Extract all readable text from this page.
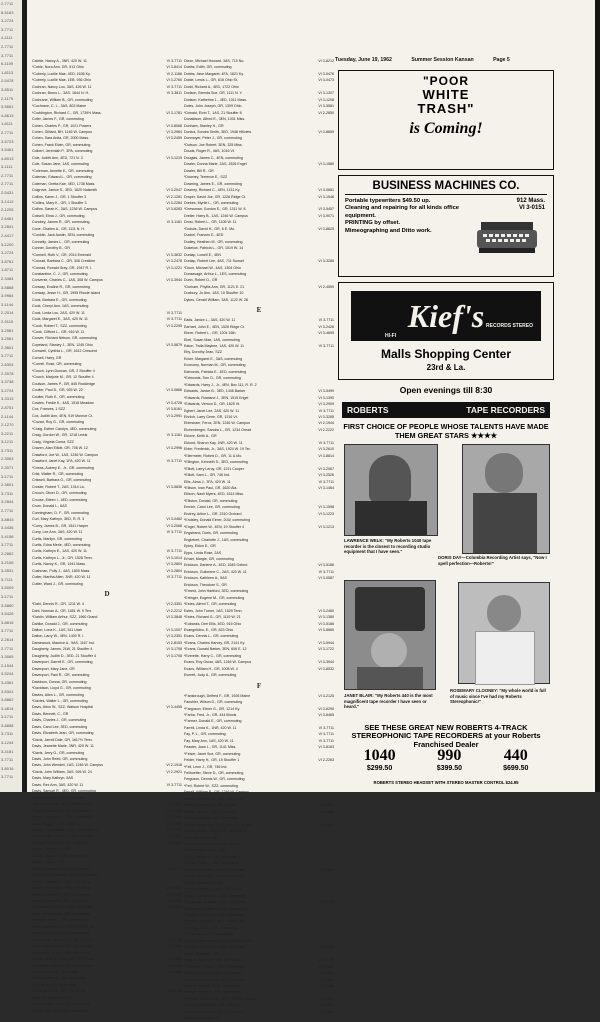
2-7711
8-5163
3-2724
3-7711
4-1111
2-7711
3-7711
6-1109
1-8113
2-5478
3-8511
2-1179
3-5651
4-8613
1-8111
2-7711
3-5723
3-5461
4-8013
3-1111
2-7711
2-7711
2-5431
3-1412
2-1205
2-6461
3-2841
2-4417
3-1200
3-2724
3-8761
1-8711
2-3484
3-5868
3-9984
3-1144
2-2014
2-9115
3-2981
3-2961
2-3601
3-7711
2-6304
2-3978
3-3738
3-2724
3-3313
2-8751
2-1144
2-1270
3-2211
3-1211
3-7311
2-3063
2-3071
3-1711
2-3601
3-7311
3-2844
2-7711
3-8843
3-4436
3-4158
3-7711
2-2862
3-2106
3-4531
3-7111
3-5009
3-1711
3-5880
3-5426
3-8816
3-7711
2-2614
2-7711
3-3065
2-1544
3-5244
3-4361
3-5341
3-8862
3-4814
3-1711
3-8858
3-7311
3-1244
3-4181
3-7711
3-8016
3-7711
Tuesday, June 19, 1962	Summer Session Kansan	Page 5
Cabble, Nancy A., 3NR, 420 W. 11	VI 3-7711
*Coble, Nora Ann, GR, 913 Ohio	VI 3-8414
*Coberly, Lucille Mae, 4ED; 1636 Ky.	VI 2-1166
*Coberly, Lucille Mae, 1EB. 936 Ohio	VI 3-2760
Cochran, Nancy Lou, 3AS, 426 W. 11	VI 3-7711
Cochran, Bruno L., 3AS, 1644 N. H.	VI 3-3811
Cochrane, William B., GR, commuting
*Cochrane, C. L., 3AS, 803 Maine
*Coddington, Richard C., GR, 1739½ Mass.	VI 3-1781
Cofer, James F., GR, commuting
Cohen, Charles P., GR, 1021 Powers	VI 3-8068
Cohen, Gilliard, BH, 1146 W. Campus	VI 3-2964
Cohen, Sara Anita, GR, 2000 Mass.	VI 3-2459
Cohen, Frank Elwin, GR, commuting
Colbert, Jeremiah P., 3PA, commuting
Cole, Judith Ann, 4ED, 721 N. 3	VI 3-1215
Cole, Susan Jane, 1AS, commuting
*Coleman, Annette E., GR, commuting
Coleman, Edward L., GR, commuting
Coleman, Gretta Kae, 4ED, 1738 Mass.
Colgrove, Janice S., 3ED, 1820 Naismith	VI 3-2047
Collins, Karen J., GR, 1 Stouffer 3	VI 2-1281
*Collins, Mary K., GR, 1 Stouffer 3	VI 3-2284
Collins, Sarah K., 3AS, 1236 W. Campus	VI 3-6283
Colwell, Elma J., GR, commuting
Condrey, James R., GR, commuting	VI 3-1161
Cone, Charles A., GR, 1111 N. H.
*Conklin, Jack Austin, 3EN, commuting
Connelly, James L., GR, commuting
Conner, Dorothy B., GR
*Connell, Ruth V., GR, 2014 Emerald	VI 3-3632
*Conrad, Barbara C., GR, 306 Crestline	VI 3-2478
*Conrad, Ronald Gray, GR, 1947 R. I.	VI 3-1221
Constantine, C. J., GR, commuting
Converse, Charles C., 1AS, 308 W. Campus	VI 3-3944
Conway, Evaline R., GR, commuting
Conway, Jesse H., GR, 1955 Rhode Island
Cook, Barbara E., GR, commuting
Cook, Cheryl Ann, 1AS, commuting
Cook, Linda Lou, 2AS, 420 W. 11	VI 3-7711
Cook, Margaret E., 3AS, 420 W. 11	VI 3-7711
*Cook, Robert T., SZZ, commuting	VI 3-2295
*Cook, Clifford L., GR, 916 W. 11
Coover, Richard Nelson, GR, commuting
Copeland, Stanley J., 3EN, 1245 Ohio	VI 3-5879
Cornwell, Cynthia L., GR, 1612 Crescent
Cornell, Harry, GR
*Correll, Rose, GR, commuting
*Couch, Lynn Duncan, GR, 2 Stouffer 4
*Couch, Marjorie M., GR, 12 Stouffer 4
Coulson, James P., GR, 845 Rockledge
Coulter, Paul D., GR, 925 W. 22	VI 3-0866
Coulter, Ruth E., GR, commuting
Cowles, Fredie K., 4AS, 1518 Meadow	VI 3-4726
Cox, Frances, 1 SZZ	VI 3-6161
Cox, Judith Ann, 4EN, 919 Monroe Ct.	VI 3-2991
*Cozad, Roy G., GR, commuting
*Craig, Esther Carolyn, 4ED, commuting
Craig, Gordon W., GR, 1218 Lewis	VI 3-1161
Craig, Virginia Coma, SZZ
Craven, Alan Elliott, GR, 706 W. 12	VI 3-2996
Crawford, Joe W., 1AS, 1246 W. Campus
Crawford, Janet Kay, 1FA, 420 W. 11	VI 3-7711
*Crews, Aubrey E., Jr., GR, commuting
Crist, Walter R., GR, commuting
Criswell, Barbara G., GR, commuting
Crosier, Robert T., 2AS, 1314 La.	VI 3-5836
Crouch, Oliver D., GR, commuting
Crouse, Eileen I., 4ED, commuting
Crum, Donald L., 6AS
Cunningham, D. F., GR, commuting
Curl, Mary Kathryn, 3ED, R. R. 3	VI 3-0462
*Curry, James B., GR, 1541 Harper	VI 3-2068
Curry, Lee Ann, 3AS, 420 W. 11	VI 3-7711
Curtis, Marilyn, GR, commuting
Curtis, Edna Merle, 4ED, commuting
Curtis, Kathryn E., 1AS, 420 W. 11	VI 3-7711
Curtis, Kathryn L., Jr., GR, 1528 Tenn.	VI 3-1014
Curtis, Nancy K., GR, 1941 Mass.	VI 3-2804
Cushman, Polly J., 4AS, 1805 Mass.	VI 3-2804
Cutler, Martha Allen, 3NR, 420 W. 11	VI 3-7711
Cutter, Ward J., GR, commuting
D
*Dahl, Dennis R., GR, 1211 W. 4	VI 2-3351
Dahl, Norman A., GR, 1651 W. 9 Terr.	VI 2-2212
*Dahlin, William Arthur, SZZ, 1960 Grand	VI 3-3848
Dahlke, Donald J., GR, commuting
Dalton, Lona K., 1AS, 511 Utah	VI 3-1007
Dalton, Larry W., 4EN, 1400 R. I.	VI 3-2351
Damewood, Maurice A., 5AS, 1167 Ind.	VI 2-8153
Daugherty, James, 2LW, 21 Stouffer 4	VI 3-1708
Daugherty, Judith D., 3ED, 21 Stouffer 4	VI 3-1708
Davenport, Darrell E., GR, commuting
Davenport, Mary Jane, GR
Davenport, Paul R., GR, commuting
Davidson, Donna, GR, commuting
*Davidson, Lloyd G., GR, commuting
Davies, Allen L., GR, commuting
*Davies, Walter L., GR, commuting
Davis, Alton W., SZZ, Watson Hospital	VI 3-4455
Davis, Bennett, C., GR
Davis, Charles J., GR, commuting
Davis, Carol Lee, 3ED, commuting
Davis, Elizabeth Jean, GR, commuting
*Davis, Jarrell Dale, GR, 1617½ Tenn.
Davis, Jeanette Marie, 3NR, 420 W. 11
*Davis, Jerry G., GR, commuting
Davis, John Reed, GR, commuting
Davis, John Wendell, 1AS, 1246 W. Campus	VI 2-1916
*Davis, John William, 3AS, 926 W. 24	VI 2-2921
Davis, Mary Kathryn, 5AS
Davis, Rex Ann, 3AS, 420 W. 11	VI 3-7711
Davis, Samuel R., 4ED, GR, commuting
*Daw, Robert H., GR, 1241 Ohio
Day, Robert Paul, 1AS, 1906 Mitchell	VI 2-2623
*Deam, Douglas W., GR, 8 Stouffer 5	VI 2-2928
*Dean, Joseph R. J., GR, 1 Stouffer 6	VI 3-2451
Dean, Peggy J., 4ED, 906 Ind.	VI 2-2433
*Deane, Carl William, 6RU, 13 Stouffer 10	VI 2-2529
*Deatherage, Janice E., 3FA, 940 Tenn.	VI 3-7421
*Debord, Warren H., 3EN, 1107 Ind.	VI 3-7467
Deboe, Charles E., 4ED
*Deck, Mildred A., GR, commuting
Decker, Elsie V., GR
*Deeds, Gerald T., GR, 1041¼ Mass.	VI 3-7773
*DeFay, John Vincent, GR, 2544 Redbud
*DeFoe, William C., 1AS, 1240 W. 11
Dehart, David Allen, 3EN, 1301 Tenn.	VI 3-9562
*Dehoff, Colene D., 3ED, commuting	VI 2-2506
Demott, Donald W., GR, 720 W. 23	VI 3-1282
*Dennison, Dennis L., 4CE, 1920 Lilac	VI 3-4081
Dent, John Harvey, 4EN, commuting
Derreyer, Mary L., GR, commuting
Desai, Bansidharrao, 3EN, 1600 W. 11
Dewey, Carol Sue, 1AS, commuting
*Diamontez, Sister M. A., GR, 1127 Vt.	VI 3-4763
Dick, Hugh Charles, 3AS, 1513 Engel	VI 2-1303
*Dickinson, John D., GR, commuting
Dieball, Andrew Louis, GR, 1220 Mass.	VI 2-4860
*Dieckhoff, Oliver J., GR, 1315 Hilltop	VI 3-8160
Dieter, Jerry, GR, 1140 Mass.	VI 3-8060
*Dildine, Ross D., GR, commuting
Dill, Harold, GR, commuting
Dilorenzo, Lucia, 3AS, 703 W. 25	VI 2-0724
Dirks, Dr. Wayne E., SZZ
Ditzmer, Mary Julia, GR, commuting
*Dixon, Lyle Junior, GR, commuting
Dixon, Michael Howard, 3AS, 715 No.	VI 3-8212
Dobbs, Edith, GR, commuting
Dobbs, Jane Margaret, 4FA, 1621 Ky.	VI 3-0476
Dobie, Lewis L., GR, 616 Ohio St.	VI 3-0473
Dodd, Richard A., 4ED, 1722 Ohio
Dodson, Brenda Sue, GR, 1111 N. Y.	VI 3-1307
Dodson, Katherine L., 4ED, 1011 Mass.	VI 3-1208
Doles, John Joseph, GR, 1309 Ohio	VI 3-5581
*Donald, Elvin T., 1AS, 21 Stouffer 8	VI 2-2850
Donaldson, Alfred E., 3EN, 1031 Miss.
Donham, Stanley H., GR
Donica, Sondra Smith, 3ED, 1948 Hillview	VI 3-8659
Donmoyer, Peter J., GR, commuting
*Dotson, Joe Robert, 3EN, 325 Miss.
Douds, Roger R., 4AS, 1016 Vt.
Douglas, James C., 4EN, commuting
Dowler, Donna Marie, 2AS, 1526 Engel	VI 3-1580
Dowler, Bill R., GR
*Downey, Terrence E., SZZ
Downing, James E., GR, commuting
Downey, Richard C., 4EN, 1131 Ky.	VI 3-0681
Draper, David Joe, GR, 1226 Ridge Ct.	VI 3-1548
Drebes, Myrtle L., GR, commuting
*Dressman, Gordon E., GR, 1311 W. 8	VI 3-5457
Dreiler, Harry B., 1AS, 1246 W. Campus	VI 3-9071
Drost, Robert L., GR, 1106 W. 11
*Dubois, David H., GR, 6 E. Mo.	VI 3-8625
Duckel, Frances E., 4ED
Dudley, Heathen M., GR, commuting
Dukelow, Patricia L., GR, 1519 W. 14
Dunlap, Lowell E., 4EN
Dunlap, Robert Lee, 4AS, 711 Sunset	VI 3-3285
*Dunn, Michael W., 4AS, 1304 Ohio
Dunsavage, Arthur L., 1ES, commuting
Dunn, Robert D., GR
*Durham, Phyllis Ann, GR, 1121 E. 21	VI 2-4559
Duxbury, Jo Ann, 1AS, 10 Stouffer 10
Dykes, Gerald William, 3AS, 1122 W. 28
E
Eads, Janice L., 3AS, 420 W. 11	VI 3-7711
Earhart, John E., 4EN, 1526 Ridge Ct.	VI 3-2426
Ebner, Robert L., GR, 1204 16th	VI 3-4695
Ebel, Susan Mae, 1AS, commuting
Eaton, Twila Maybee, 1AS, 420 W. 11	VI 3-7711
Eby, Dorothy Jean, SZZ
Ecker, Margaret E., 3AS, commuting
Economy, Norman M., GR, commuting
Edmonds, Patricia E., 4ED, commuting
*Edmonds, Tom D., GR, commuting
*Edwards, Harry J., Jr., 4EN, Box 111, R. R. 2
Edwards, Janice B., 3ED, 1446 Barker	VI 3-5499
*Edwards, Rowland J., 3EN, 1515 Engel	VI 3-1390
*Edwards, Vernon D., GR, 1625 Vt.	VI 3-2909
Egbert, Janet Lee, 2AS, 420 W. 11	VI 3-7711
Ehrlich, Larry Gene, GR, 1216 Vt.	VI 3-3285
Ehtesham, Feroz, 2EN, 1246 W. Campus	VI 2-1944
Eichenberger, Sandra L., GR, 1234 Oread	VI 2-2222
Eklove, Keith A., GR
Eklund, Sharon Kay, 1NR, 420 W. 11	VI 3-7711
Elder, Frederick, Jr., 3AS, 1924 W. 19 Ter.	VI 3-2610
*Ellermeier, Robert D., GR, 11 & Mo.	VI 3-8814
*Ellington, Kenneth S., 3EG, commuting
*Elliott, Larry Leroy, GR, 1211 Cooper	VI 3-2067
*Elliott, Sam L., GR, 746 Ind.	VI 3-2526
Ellis, Alma J., 3FA, 420 W. 11	VI 3-7711
*Ellison, Ivan Paul, GR, 1620 Ala.	VI 3-1464
Ellison, Naoli Myers, 4ED, 1614 Miss.
*Elliston, Donald, GR, commuting
Emrich, Carol Lee, GR, commuting	VI 3-1598
Endrey, Arline L., GR, 2310 Orchard	VI 3-1223
*Endsley, Donald Elmer, 2LW, commuting
*Engel, Robert W., 4EN, 19 Stouffer 4	VI 3-1213
Engstrand, Doris, GR, commuting
Englebert, Charlotte J., 1AS, commuting
Epley, Eldon E., GR
Epps, Linda Rose, 2AS
Erhart, Margie, GR, commuting
Erickson, Darlene A., 4ED, 1645 Oxford	VI 3-5186
Erickson, Guilorene C., 2AS, 420 W. 11	VI 3-7711
Erickson, Kathleen A., 5AS	VI 3-0587
Erickson, Theodore S., GR
*Ernest, John Hartford, 3ED, commuting
*Ertinger, Eugene M., GR, commuting
*Estes, Alfred T., GR, commuting
Estes, John Turner, 1AS, 1529 Tenn.	VI 3-2460
*Estes, Richard G., GR, 1119 W. 21	VI 3-1380
*Eubanks, Dee Ellis, 4ED, 915 Ohio	VI 3-5186
Evangelidou, E., GR, 823 Ohio	VI 3-8665
Evans, Dennis L., GR, commuting
*Evans, Charles Harvey, GR, 2141 Ky.	VI 3-5944
*Evans, Donald Barker, 3EN, 606 E. 12	VI 3-1722
*Everette, Harry C., GR, commuting
Evans, Roy Oscar, 4AS, 1246 W. Campus	VI 3-3944
Evans, William H., GR, 1008 W. 4	VI 3-8532
Everett, Judy A., GR, commuting
F
*Fansbrough, Delfred F., GR, 1926 Maine	VI 3-2125
Fanshier, Wilson D., GR, commuting
*Farguson, Elmer G., GR, 1214 Ky.	VI 3-6290
*Farha, Fred, Jr., GR, 444 Illinois	VI 3-6465
*Farmer, Donald E., GR, commuting
Farrell, Linda K., 1NR, 420 W. 11	VI 3-7711
Fay, P. L., GR, commuting	VI 3-7711
Fay, Mary Ann, 1AS, 420 W. 11	VI 3-7711
Feaster, Joan L., GR, 1141 Miss.	VI 3-8163
*Feiser, Janet Sue, GR, commuting
Felder, Harry H., GR, 19 Stouffer 1	VI 2-2263
*Fell, Leon J., GR, 746 Ind.
Fellhoelter, Steve D., GR, commuting
Ferguson, Dennis W., GR, commuting
*Ferl, Robert W., SZZ, commuting
Ferrell, William B., GR, 1246 W. Campus
Ferrell, Kathleen M., 1AS, commuting
Fetter, Nathaniel G., GR, 616 Ind.	VI 3-2619
*Fikert, John W., GR, 1141 W. 11	VI 3-8546
Fillmore, Richard, GR, commuting
Findlay, Roger Lee, 3AS, 1246 W. Campus	VI 3-3944
Findlay, Evelyn Ethel, 3AS, commuting
Fine, Harmon H., GR
Fink, Warren Lanyon, 1AS, 1614 Vt.
Finkenbinder, Dale L., 1AS
Finlay, William H., 4JO, 6 Stouffer 1
Fischer, Craig L., 4ED, commuting
Fischer, Marjorie J., 2AS, 1231 Barker	VI 3-2804
Fischer, Richard E., 4ED, commuting
Fischer, Susan Ann, 4ED
*Fisher, Robert E., 1AS, 1722 W. 24
Fisher, Gwendolyn J., 1AS, commuting
*Fitzgerald, Thomas J., GR, 1909 Miss.	VI 2-2216
*Fitzpatrick, William M., GR, commuting
*Fleisher, Robert E., 4EN, commuting
Fleming, Donald M., 4ED, commuting
Fleming, Jack L., GR, commuting
*Flora, Jon L., GR, commuting
*Flora, Aldene James, GR, 1600 W. 22 Ter.
*Flowers, Douglas A., 4ED, 2241 Ohio	VI 3-3265
Floyd, Winfred A., GR
Fogg, Susan Jane, 3FA, 1653 Miss.	VI 3-2785
*Folkerson, Gene A., GR, 1409 Rhode	VI 2-3644
*Foley, Verna Joy, 1AS, 1220 Oread	VI 3-5044
*Foley, Vernon Leyon, GR, 1315 Ohio	VI 2-2643
Ford, Kenneth E., 4AS, 1515 Engel	VI 3-1390
Forman, Jayne E., 1FA, commuting
*Forman, John Shane, 2AS, 1246 W. Campus	VI 3-3944
*Forman, Richard W., GR, 1300 Vt.	VI 3-8625
*Foster, Dennis Lee, GR, 19 Stouffer 2	VI 2-2863
Foster, Roxie May, GR
"POOR
WHITE
TRASH"
is Coming!
BUSINESS MACHINES CO.
912 Mass.
VI 3-0151
Portable typewriters $49.50 up.
Cleaning and repairing for all kinds office equipment.
PRINTING by offset.
Mimeographing and Ditto work.
Kief's
HI-FI
RECORDS STEREO
Malls Shopping Center
23rd & La.
Open evenings till 8:30
ROBERTS	TAPE RECORDERS
FIRST CHOICE OF PEOPLE WHOSE TALENTS HAVE MADE THEM GREAT STARS ★★★★
LAWRENCE WELK: "My Roberts 1040 tape recorder is the closest to recording studio equipment that I have seen."
DORIS DAY—Columbia Recording Artist says, "Now I spell perfection—Roberts!"
JANET BLAIR: "My Roberts 440 is the most magnificent tape recorder I have seen or heard."
ROSEMARY CLOONEY: "My whole world is full of music since I've had my Roberts Stereophonic!"
SEE THESE GREAT NEW ROBERTS 4-TRACK STEREOPHONIC TAPE RECORDERS at your Roberts Franchised Dealer
1040
$299.50
990
$399.50
440
$699.50
ROBERTS STEREO HEADSET WITH STEREO MASTER CONTROL $24.95
